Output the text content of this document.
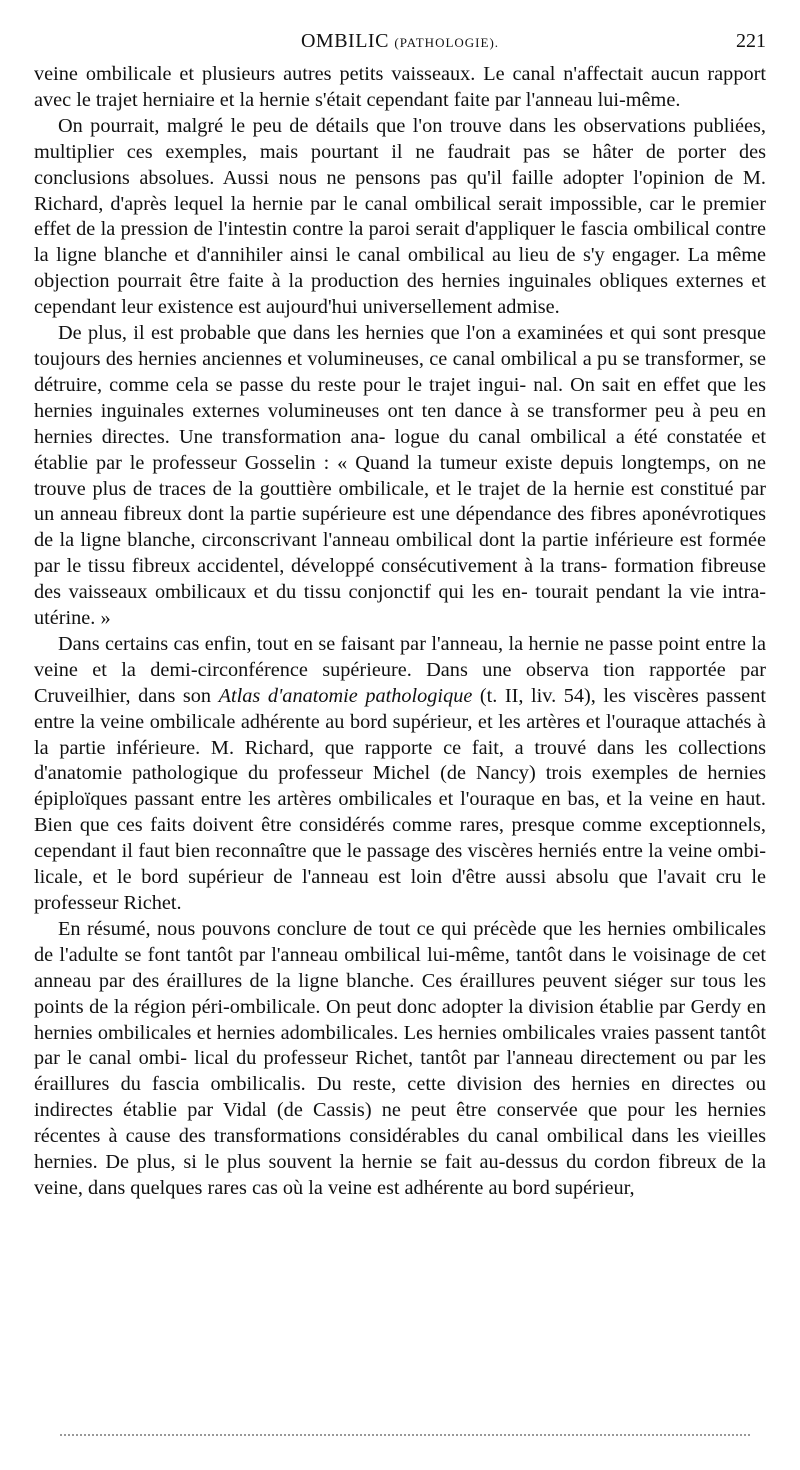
OMBILIC (PATHOLOGIE).	221

veine ombilicale et plusieurs autres petits vaisseaux. Le canal n'affectait aucun rapport avec le trajet herniaire et la hernie s'était cependant faite par l'anneau lui-même.

On pourrait, malgré le peu de détails que l'on trouve dans les observations publiées, multiplier ces exemples, mais pourtant il ne faudrait pas se hâter de porter des conclusions absolues. Aussi nous ne pensons pas qu'il faille adopter l'opinion de M. Richard, d'après lequel la hernie par le canal ombilical serait impossible, car le premier effet de la pression de l'intestin contre la paroi serait d'appliquer le fascia ombilical contre la ligne blanche et d'annihiler ainsi le canal ombilical au lieu de s'y engager. La même objection pourrait être faite à la production des hernies inguinales obliques externes et cependant leur existence est aujourd'hui universellement admise.

De plus, il est probable que dans les hernies que l'on a examinées et qui sont presque toujours des hernies anciennes et volumineuses, ce canal ombilical a pu se transformer, se détruire, comme cela se passe du reste pour le trajet ingui- nal. On sait en effet que les hernies inguinales externes volumineuses ont ten dance à se transformer peu à peu en hernies directes. Une transformation ana- logue du canal ombilical a été constatée et établie par le professeur Gosselin : « Quand la tumeur existe depuis longtemps, on ne trouve plus de traces de la gouttière ombilicale, et le trajet de la hernie est constitué par un anneau fibreux dont la partie supérieure est une dépendance des fibres aponévrotiques de la ligne blanche, circonscrivant l'anneau ombilical dont la partie inférieure est formée par le tissu fibreux accidentel, développé consécutivement à la trans- formation fibreuse des vaisseaux ombilicaux et du tissu conjonctif qui les en- tourait pendant la vie intra-utérine. »

Dans certains cas enfin, tout en se faisant par l'anneau, la hernie ne passe point entre la veine et la demi-circonférence supérieure. Dans une observa tion rapportée par Cruveilhier, dans son Atlas d'anatomie pathologique (t. II, liv. 54), les viscères passent entre la veine ombilicale adhérente au bord supérieur, et les artères et l'ouraque attachés à la partie inférieure. M. Richard, que rapporte ce fait, a trouvé dans les collections d'anatomie pathologique du professeur Michel (de Nancy) trois exemples de hernies épiploïques passant entre les artères ombilicales et l'ouraque en bas, et la veine en haut. Bien que ces faits doivent être considérés comme rares, presque comme exceptionnels, cependant il faut bien reconnaître que le passage des viscères herniés entre la veine ombi- licale, et le bord supérieur de l'anneau est loin d'être aussi absolu que l'avait cru le professeur Richet.

En résumé, nous pouvons conclure de tout ce qui précède que les hernies ombilicales de l'adulte se font tantôt par l'anneau ombilical lui-même, tantôt dans le voisinage de cet anneau par des éraillures de la ligne blanche. Ces éraillures peuvent siéger sur tous les points de la région péri-ombilicale. On peut donc adopter la division établie par Gerdy en hernies ombilicales et hernies adombilicales. Les hernies ombilicales vraies passent tantôt par le canal ombi- lical du professeur Richet, tantôt par l'anneau directement ou par les éraillures du fascia ombilicalis. Du reste, cette division des hernies en directes ou indirectes établie par Vidal (de Cassis) ne peut être conservée que pour les hernies récentes à cause des transformations considérables du canal ombilical dans les vieilles hernies. De plus, si le plus souvent la hernie se fait au-dessus du cordon fibreux de la veine, dans quelques rares cas où la veine est adhérente au bord supérieur,
